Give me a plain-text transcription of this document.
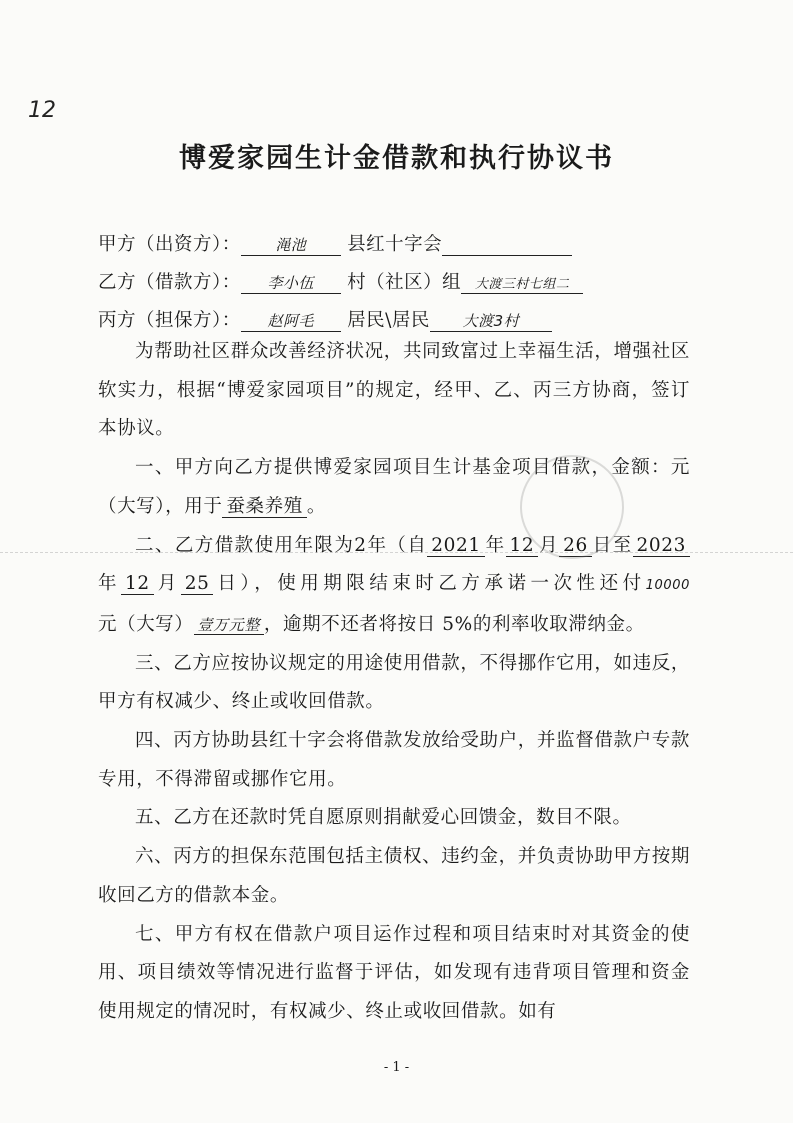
12
博爱家园生计金借款和执行协议书
甲方（出资方）： 渑池 县红十字会
乙方（借款方）： 李小伍 村（社区）组 大渡三村七组二
丙方（担保方）： 赵阿毛 居民\居民 大渡3村

为帮助社区群众改善经济状况，共同致富过上幸福生活，增强社区软实力，根据“博爱家园项目”的规定，经甲、乙、丙三方协商，签订本协议。

一、甲方向乙方提供博爱家园项目生计基金项目借款，金额：元（大写），用于 蚕桑养殖 。

二、乙方借款使用年限为2年（自 2021 年 12 月 26 日至 2023年 12 月 25 日），使用期限结束时乙方承诺一次性还付10000元（大写） 壹万元整 ，逾期不还者将按日 5%的利率收取滞纳金。

三、乙方应按协议规定的用途使用借款，不得挪作它用，如违反，甲方有权减少、终止或收回借款。

四、丙方协助县红十字会将借款发放给受助户，并监督借款户专款专用，不得滞留或挪作它用。

五、乙方在还款时凭自愿原则捐献爱心回馈金，数目不限。

六、丙方的担保东范围包括主债权、违约金，并负责协助甲方按期收回乙方的借款本金。

七、甲方有权在借款户项目运作过程和项目结束时对其资金的使用、项目绩效等情况进行监督于评估，如发现有违背项目管理和资金使用规定的情况时，有权减少、终止或收回借款。如有

- 1 -
